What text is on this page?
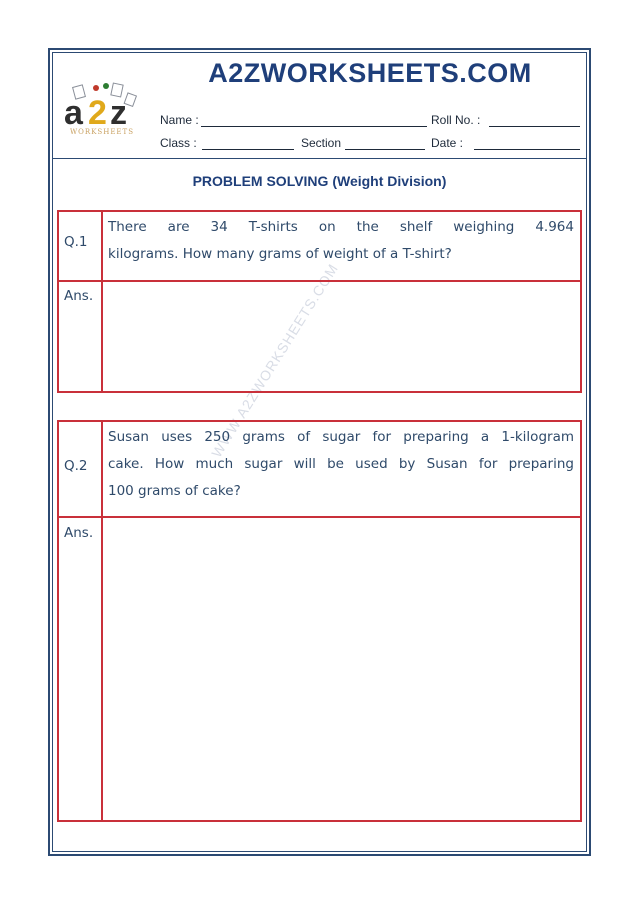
A2ZWORKSHEETS.COM
a 2 z
WORKSHEETS
Name :	Roll No. :
Class :	Section	Date :
PROBLEM SOLVING (Weight Division)
WWW.A2ZWORKSHEETS.COM
Q.1
There are 34 T-shirts on the shelf weighing 4.964
kilograms. How many grams of weight of a T-shirt?
Ans.
Q.2
Susan uses 250 grams of sugar for preparing a 1-kilogram
cake. How much sugar will be used by Susan for preparing
100 grams of cake?
Ans.
